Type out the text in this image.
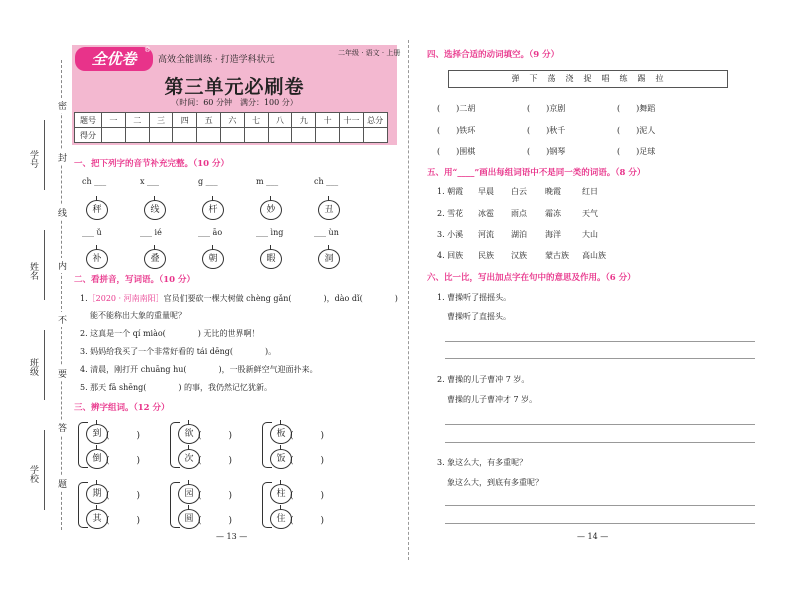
学号
姓名
班级
学校
密
封
线
内
不
要
答
题
全优卷	®
高效全能训练 · 打造学科状元
二年级 · 语文 · 上册
第三单元必刷卷
（时间：60 分钟　满分：100 分）
题号	一	二	三	四	五	六	七	八	九	十	十一	总分
得分												
一、把下列字的音节补充完整。（10 分）
ch ___	x ___	g ___	m ___	ch ___
秤	线	杆	妙	丑
___ ǔ	___ ié	___ āo	___ ìng	___ ùn
补	叠	朝	暇	洞
二、看拼音，写词语。（10 分）
1.［2020 · 河南南阳］官员们要砍一棵大树做 chèng gǎn(　　　　)，dào dǐ(　　　　)
能不能称出大象的重量呢？
2. 这真是一个 qí miào(　　　　) 无比的世界啊！
3. 妈妈给我买了一个非常好看的 tái dēng(　　　　)。
4. 清晨，刚打开 chuāng hu(　　　　)，一股新鲜空气迎面扑来。
5. 那天 fā shēng(　　　　) 的事，我仍然记忆犹新。
三、辨字组词。（12 分）
到 (　　　)
倒 (　　　)
欲 (　　　)
次 (　　　)
板 (　　　)
饭 (　　　)
期 (　　　)
其 (　　　)
园 (　　　)
圆 (　　　)
柱 (　　　)
住 (　　　)
— 13 —
四、选择合适的动词填空。（9 分）
弹　下　荡　浇　捉　唱　练　踢　拉
(　　)二胡	(　　)京剧	(　　)舞蹈
(　　)铁环	(　　)秋千	(　　)泥人
(　　)围棋	(　　)钢琴	(　　)足球
五、用“____”画出每组词语中不是同一类的词语。（8 分）
1. 朝霞 早晨 白云 晚霞	红日
2. 雪花 冰雹 雨点 霜冻	天气
3. 小溪 河流 湖泊 海洋	大山
4. 回族 民族 汉族 蒙古族 高山族
六、比一比，写出加点字在句中的意思及作用。（6 分）
1. 曹操听了摇摇头。
曹操听了直摇头。
2. 曹操的儿子曹冲 7 岁。
曹操的儿子曹冲才 7 岁。
3. 象这么大，有多重呢？
象这么大，到底有多重呢？
— 14 —
